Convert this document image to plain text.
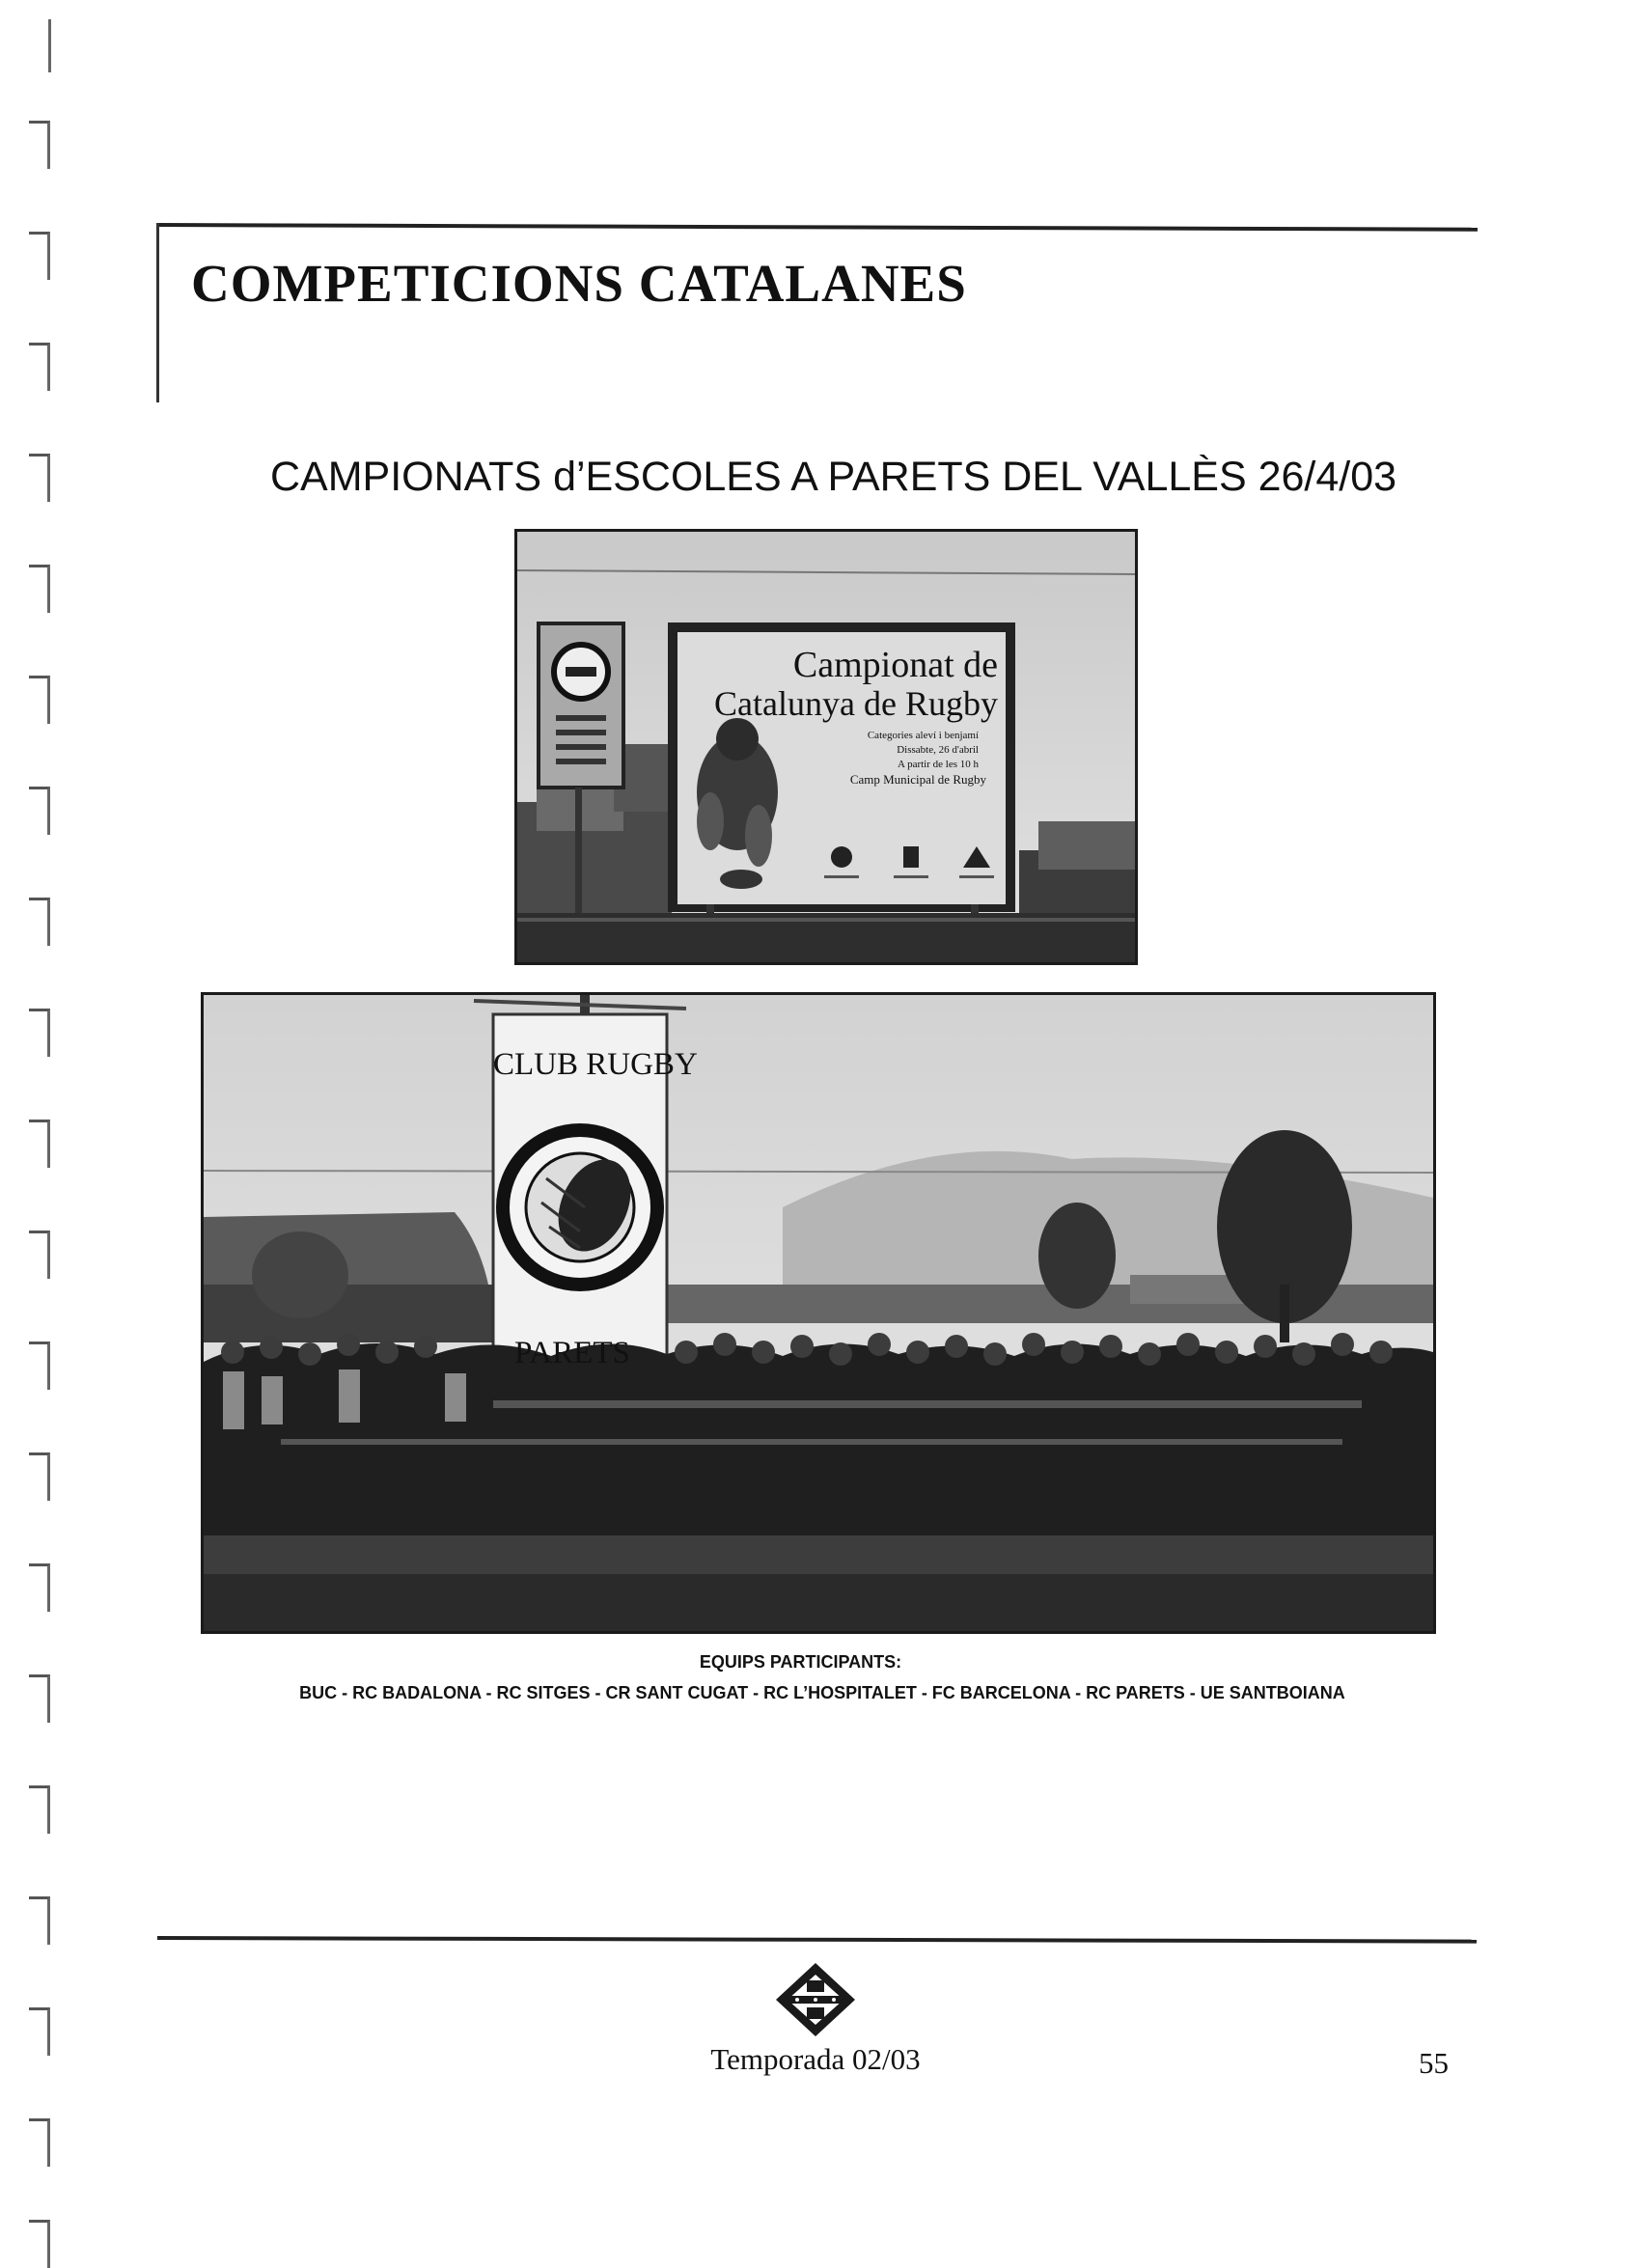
COMPETICIONS CATALANES
CAMPIONATS d’ESCOLES A PARETS DEL VALLÈS 26/4/03
Campionat de
Catalunya de Rugby
Categories aleví i benjamí
Dissabte, 26 d'abril
A partir de les 10 h
Camp Municipal de Rugby
CLUB RUGBY
PARETS
EQUIPS PARTICIPANTS:
BUC - RC BADALONA - RC SITGES - CR SANT CUGAT - RC L’HOSPITALET - FC BARCELONA - RC PARETS - UE SANTBOIANA
Temporada 02/03	55
